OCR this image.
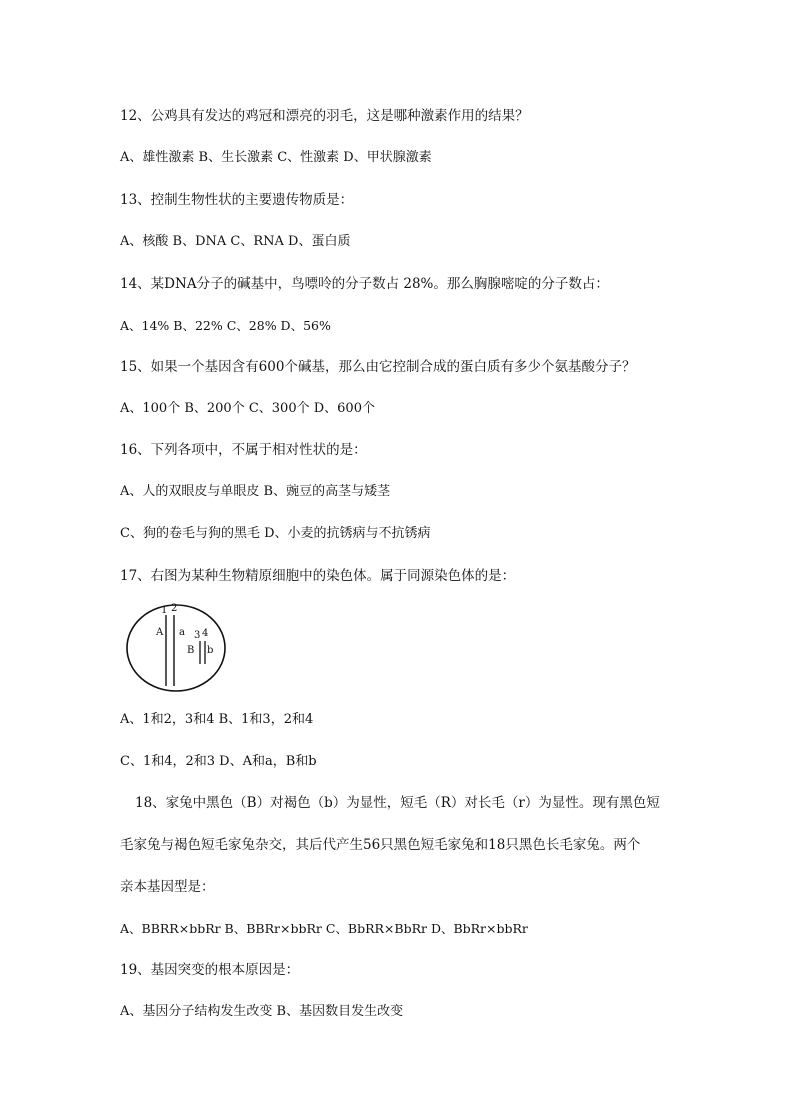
12、公鸡具有发达的鸡冠和漂亮的羽毛，这是哪种激素作用的结果？

A、雄性激素 B、生长激素 C、性激素 D、甲状腺激素

13、控制生物性状的主要遗传物质是：

A、核酸 B、DNA C、RNA D、蛋白质

14、某DNA分子的碱基中，鸟嘌呤的分子数占 28%。那么胸腺嘧啶的分子数占：

A、14% B、22% C、28% D、56%

15、如果一个基因含有600个碱基，那么由它控制合成的蛋白质有多少个氨基酸分子？

A、100个 B、200个 C、300个 D、600个

16、下列各项中，不属于相对性状的是：

A、人的双眼皮与单眼皮 B、豌豆的高茎与矮茎

C、狗的卷毛与狗的黑毛 D、小麦的抗锈病与不抗锈病

17、右图为某种生物精原细胞中的染色体。属于同源染色体的是：

1 2
A a 3 4
B b

A、1和2，3和4 B、1和3，2和4

C、1和4，2和3 D、A和a，B和b

18、家兔中黑色（B）对褐色（b）为显性，短毛（R）对长毛（r）为显性。现有黑色短

毛家兔与褐色短毛家兔杂交，其后代产生56只黑色短毛家兔和18只黑色长毛家兔。两个

亲本基因型是：

A、BBRR×bbRr B、BBRr×bbRr C、BbRR×BbRr D、BbRr×bbRr

19、基因突变的根本原因是：

A、基因分子结构发生改变 B、基因数目发生改变
